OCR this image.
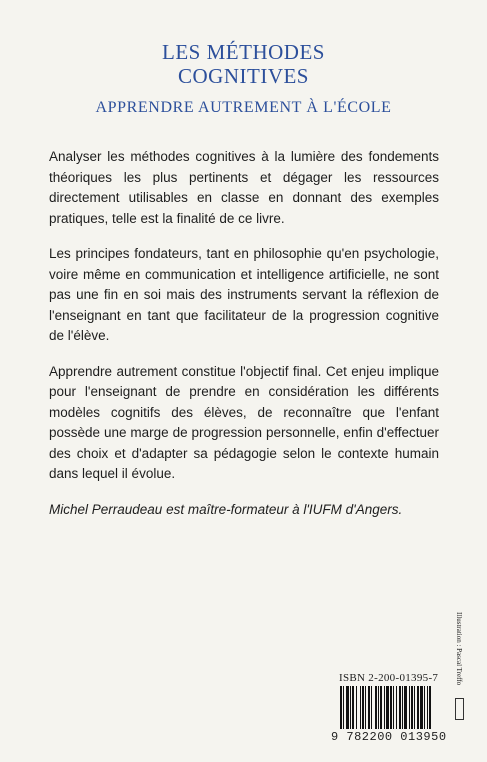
LES MÉTHODES
COGNITIVES
APPRENDRE AUTREMENT À L'ÉCOLE

Analyser les méthodes cognitives à la lumière des fondements théoriques les plus pertinents et dégager les ressources directement utilisables en classe en donnant des exemples pratiques, telle est la finalité de ce livre.

Les principes fondateurs, tant en philosophie qu'en psychologie, voire même en communication et intelligence artificielle, ne sont pas une fin en soi mais des instruments servant la réflexion de l'enseignant en tant que facilitateur de la progression cognitive de l'élève.

Apprendre autrement constitue l'objectif final. Cet enjeu implique pour l'enseignant de prendre en considération les différents modèles cognitifs des élèves, de reconnaître que l'enfant possède une marge de progression personnelle, enfin d'effectuer des choix et d'adapter sa pédagogie selon le contexte humain dans lequel il évolue.

Michel Perraudeau est maître-formateur à l'IUFM d'Angers.

ISBN 2-200-01395-7
9 782200 013950
Illustration : Pascal Treffo
